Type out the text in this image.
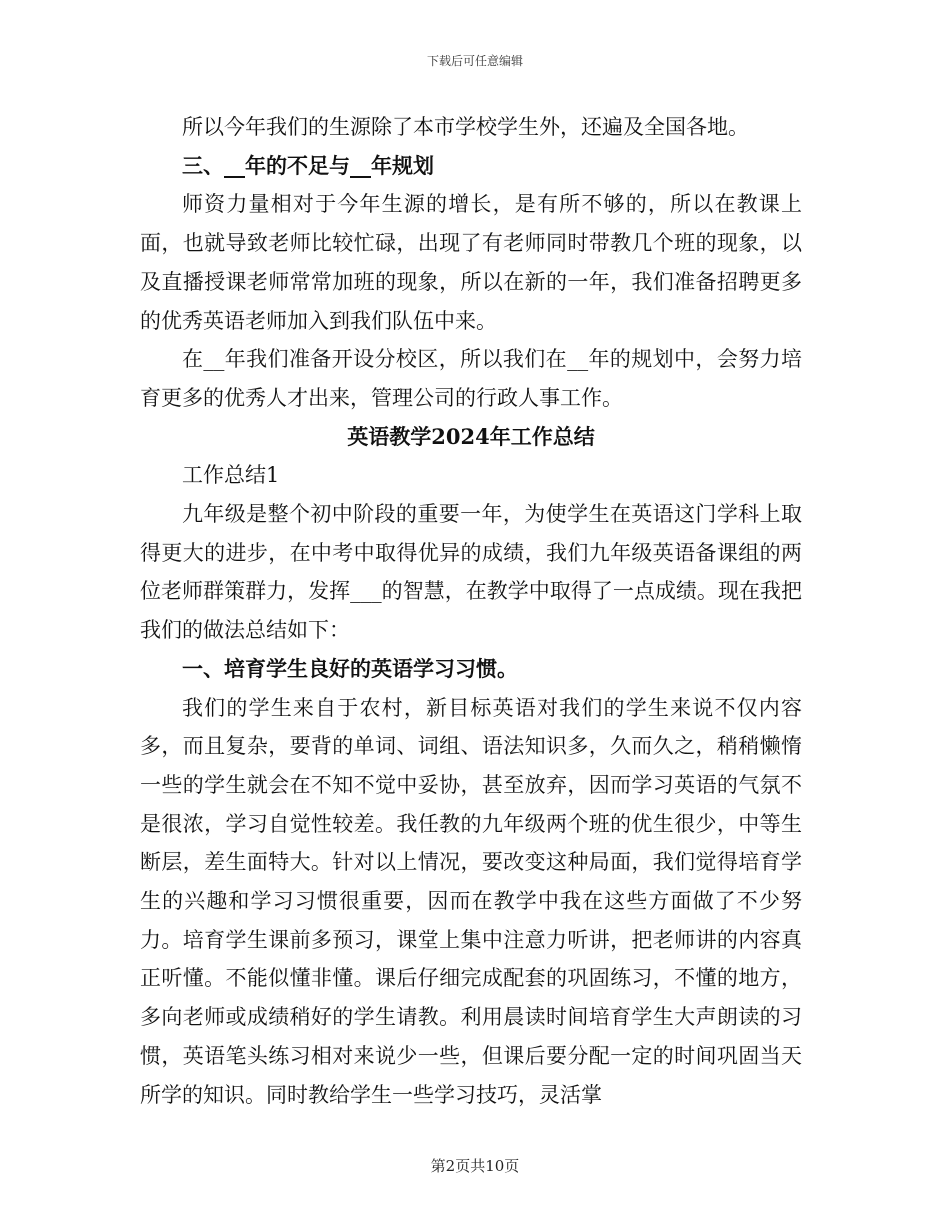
下载后可任意编辑

所以今年我们的生源除了本市学校学生外，还遍及全国各地。

三、__年的不足与__年规划

师资力量相对于今年生源的增长，是有所不够的，所以在教课上面，也就导致老师比较忙碌，出现了有老师同时带教几个班的现象，以及直播授课老师常常加班的现象，所以在新的一年，我们准备招聘更多的优秀英语老师加入到我们队伍中来。

在__年我们准备开设分校区，所以我们在__年的规划中，会努力培育更多的优秀人才出来，管理公司的行政人事工作。

英语教学2024年工作总结

工作总结1

九年级是整个初中阶段的重要一年，为使学生在英语这门学科上取得更大的进步，在中考中取得优异的成绩，我们九年级英语备课组的两位老师群策群力，发挥___的智慧，在教学中取得了一点成绩。现在我把我们的做法总结如下：

一、培育学生良好的英语学习习惯。

我们的学生来自于农村，新目标英语对我们的学生来说不仅内容多，而且复杂，要背的单词、词组、语法知识多，久而久之，稍稍懒惰一些的学生就会在不知不觉中妥协，甚至放弃，因而学习英语的气氛不是很浓，学习自觉性较差。我任教的九年级两个班的优生很少，中等生断层，差生面特大。针对以上情况，要改变这种局面，我们觉得培育学生的兴趣和学习习惯很重要，因而在教学中我在这些方面做了不少努力。培育学生课前多预习，课堂上集中注意力听讲，把老师讲的内容真正听懂。不能似懂非懂。课后仔细完成配套的巩固练习，不懂的地方，多向老师或成绩稍好的学生请教。利用晨读时间培育学生大声朗读的习惯，英语笔头练习相对来说少一些，但课后要分配一定的时间巩固当天所学的知识。同时教给学生一些学习技巧，灵活掌

第2页共10页
